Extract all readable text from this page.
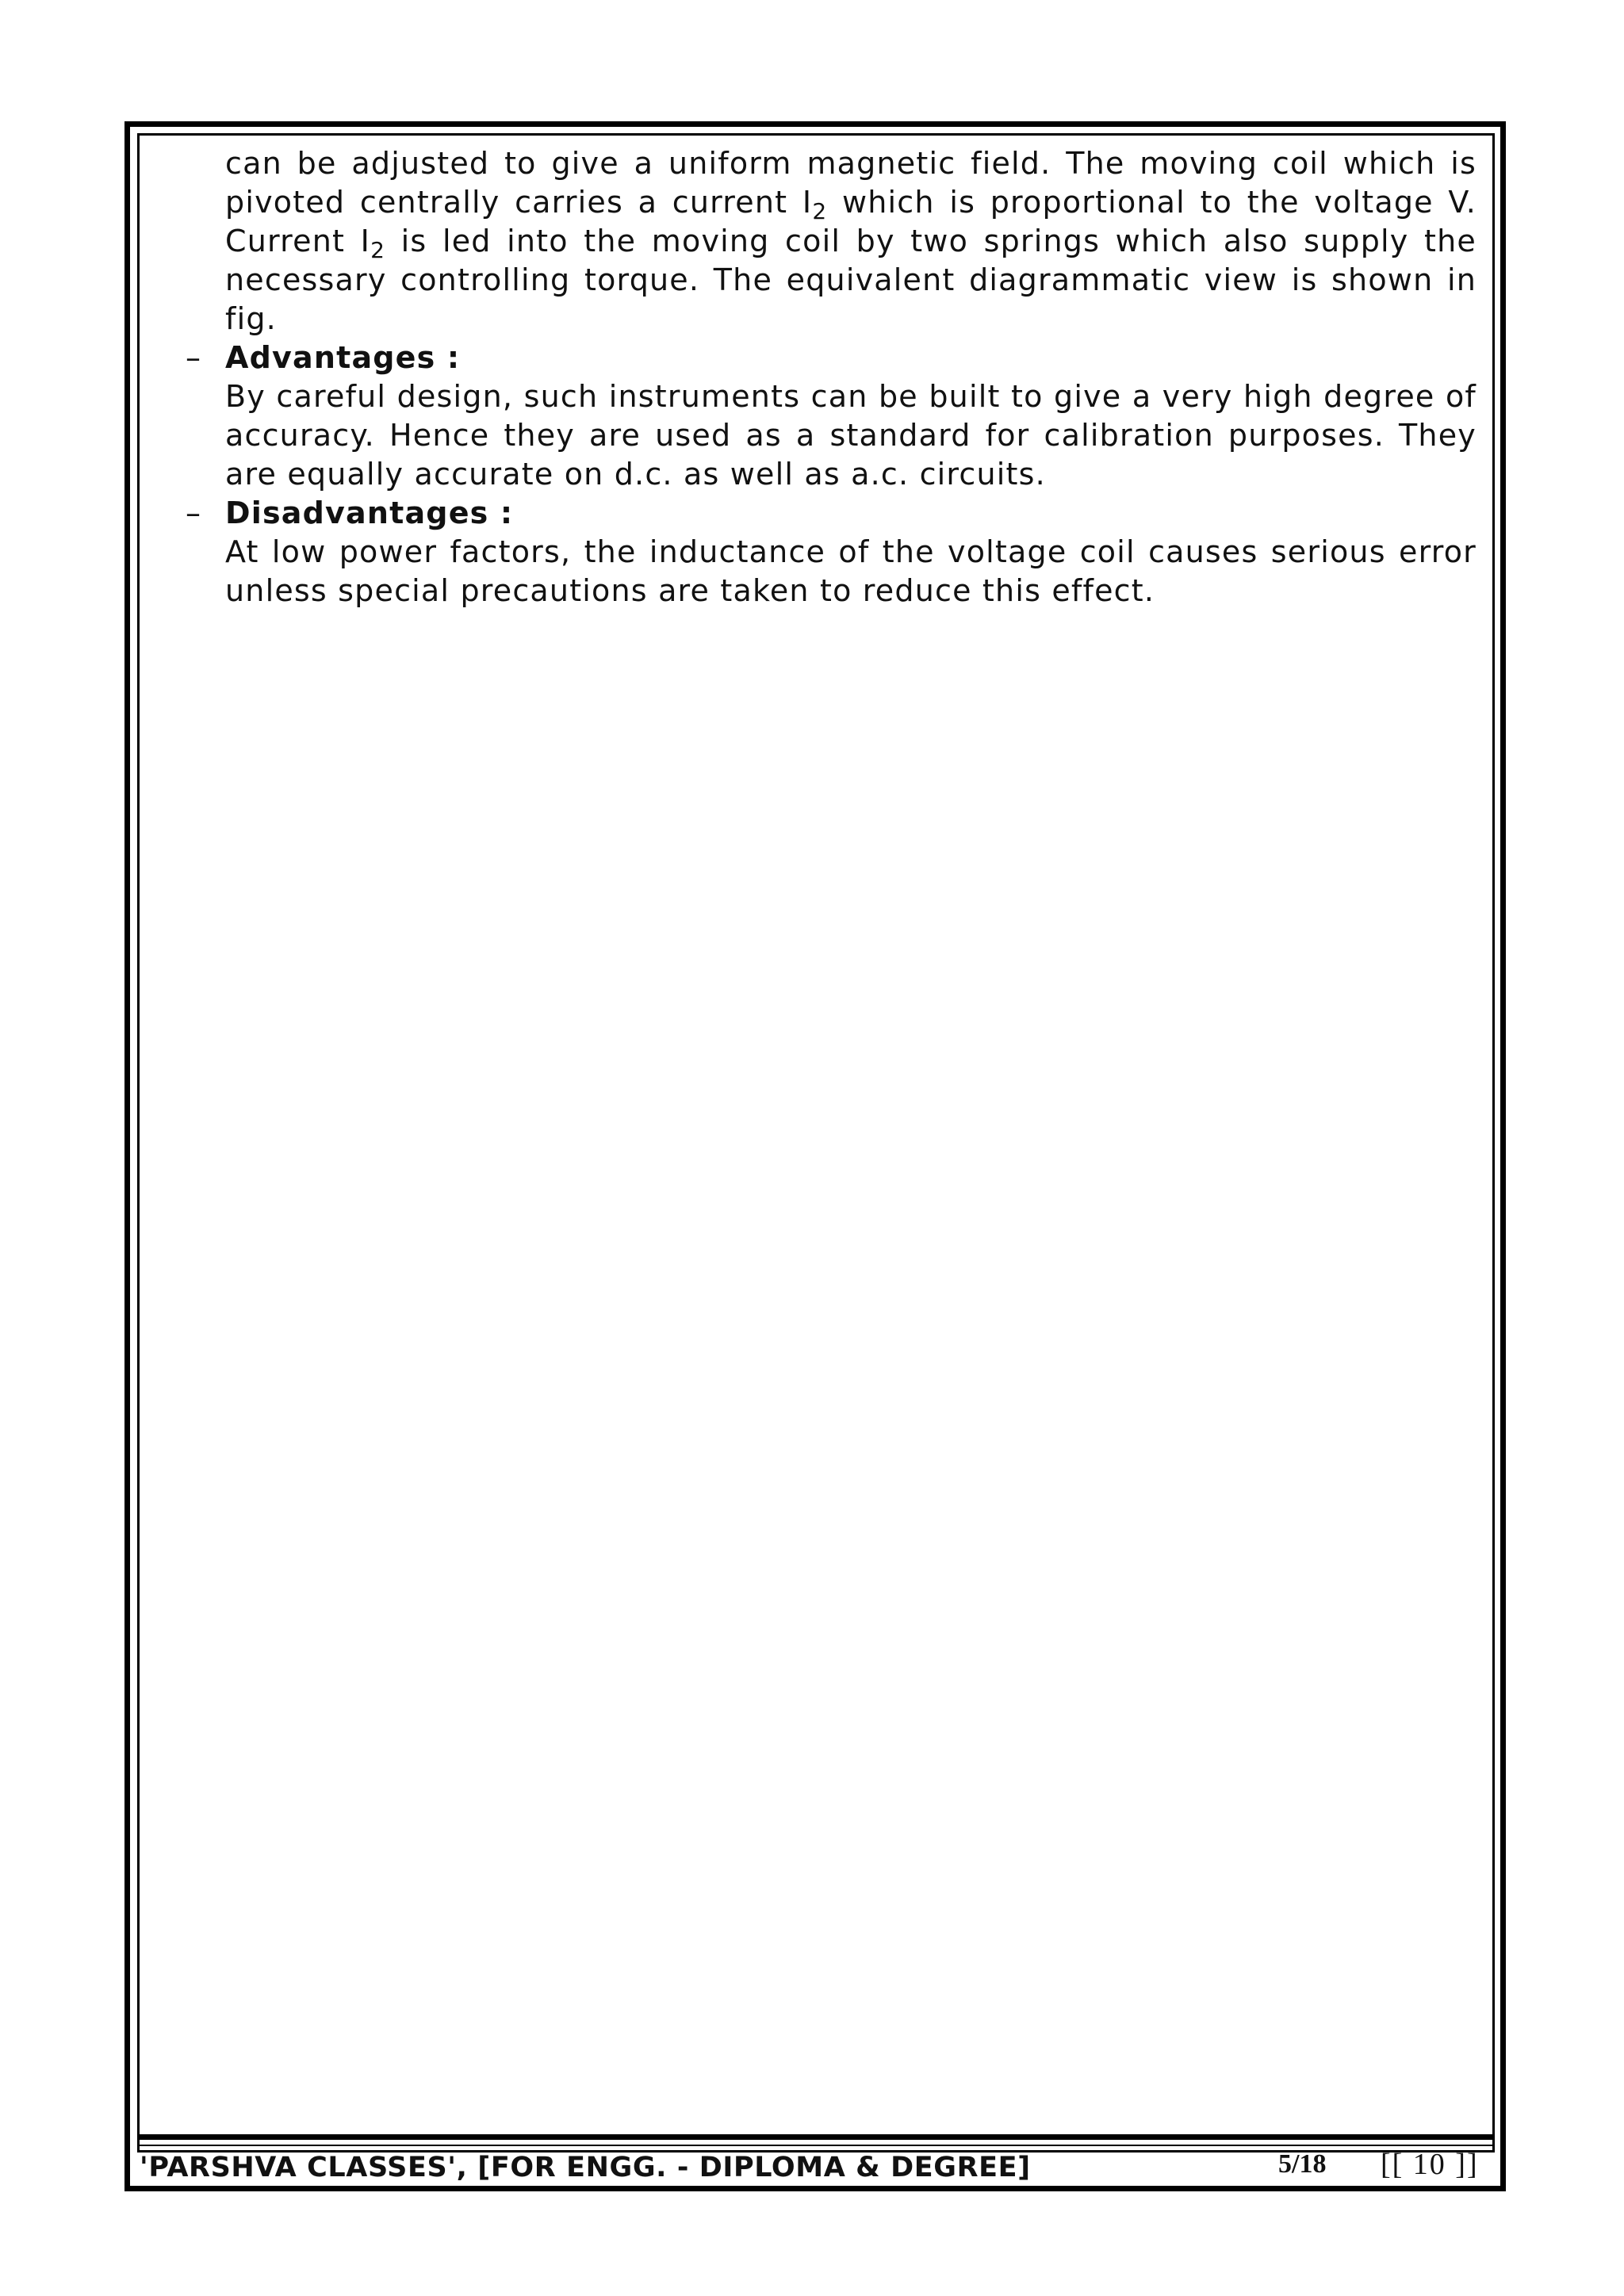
can be adjusted to give a uniform magnetic field. The moving coil which is pivoted centrally carries a current $I_2$ which is proportional to the voltage V. Current $I_2$ is led into the moving coil by two springs which also supply the necessary controlling torque. The equivalent diagrammatic view is shown in fig.

– Advantages :

By careful design, such instruments can be built to give a very high degree of accuracy. Hence they are used as a standard for calibration purposes. They are equally accurate on d.c. as well as a.c. circuits.

– Disadvantages :

At low power factors, the inductance of the voltage coil causes serious error unless special precautions are taken to reduce this effect.

'PARSHVA CLASSES', [FOR ENGG. - DIPLOMA & DEGREE]	5/18 [[ 10 ]]
